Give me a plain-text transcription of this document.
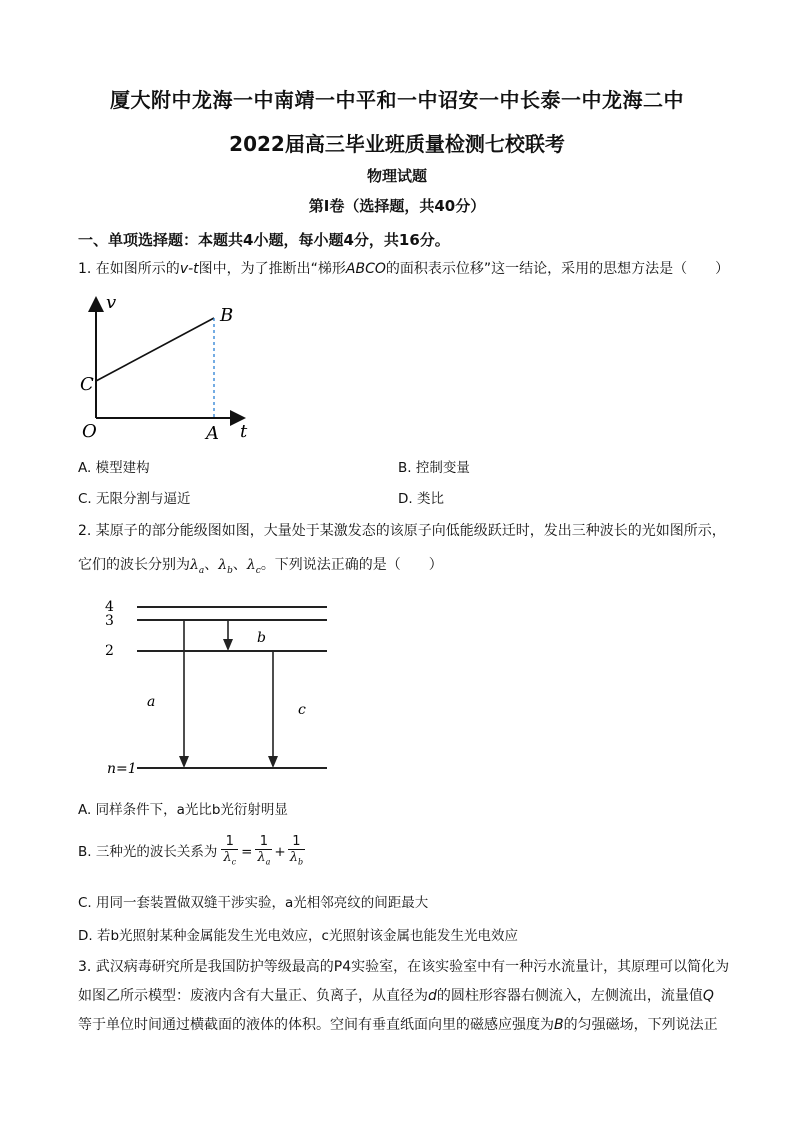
厦大附中龙海一中南靖一中平和一中诏安一中长泰一中龙海二中
2022届高三毕业班质量检测七校联考
物理试题
第Ⅰ卷（选择题，共40分）
一、单项选择题：本题共4小题，每小题4分，共16分。
1. 在如图所示的v-t图中，为了推断出“梯形ABCO的面积表示位移”这一结论，采用的思想方法是（　　）
v
B
C
O	A t
A. 模型建构	B. 控制变量
C. 无限分割与逼近	D. 类比
2. 某原子的部分能级图如图，大量处于某激发态的该原子向低能级跃迁时，发出三种波长的光如图所示，
它们的波长分别为$\lambda_a$、$\lambda_b$、$\lambda_c$。下列说法正确的是（　　）
4
3
2
n=1
a
b
c
A. 同样条件下，a光比b光衍射明显
B. 三种光的波长关系为 $\frac{1}{\lambda_c} = \frac{1}{\lambda_a} + \frac{1}{\lambda_b}$
C. 用同一套装置做双缝干涉实验，a光相邻亮纹的间距最大
D. 若b光照射某种金属能发生光电效应，c光照射该金属也能发生光电效应
3. 武汉病毒研究所是我国防护等级最高的P4实验室，在该实验室中有一种污水流量计，其原理可以简化为
如图乙所示模型：废液内含有大量正、负离子，从直径为d的圆柱形容器右侧流入，左侧流出，流量值Q
等于单位时间通过横截面的液体的体积。空间有垂直纸面向里的磁感应强度为B的匀强磁场，下列说法正
